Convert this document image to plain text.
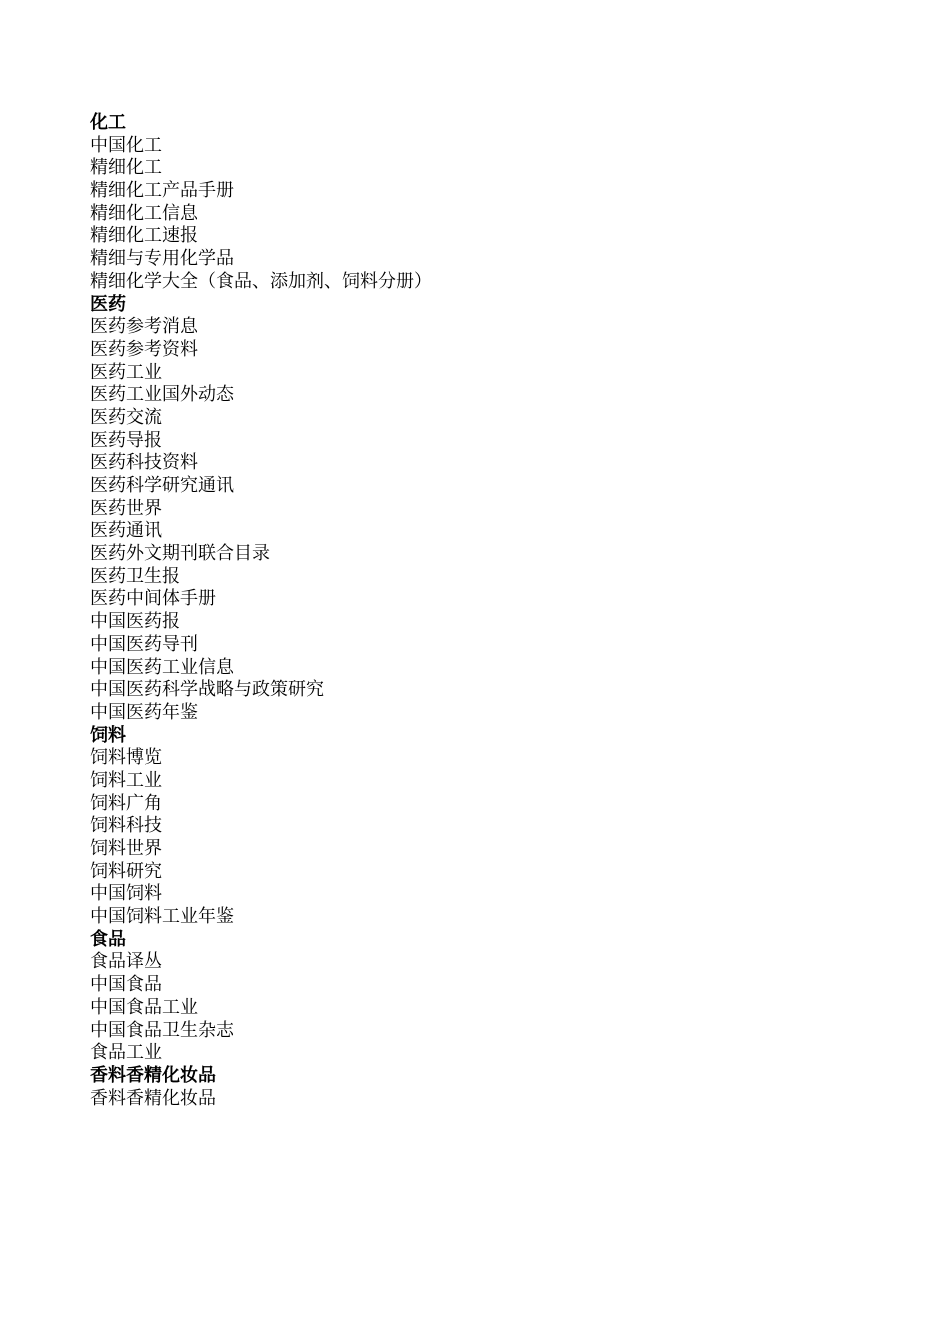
化工
中国化工
精细化工
精细化工产品手册
精细化工信息
精细化工速报
精细与专用化学品
精细化学大全（食品、添加剂、饲料分册）
医药
医药参考消息
医药参考资料
医药工业
医药工业国外动态
医药交流
医药导报
医药科技资料
医药科学研究通讯
医药世界
医药通讯
医药外文期刊联合目录
医药卫生报
医药中间体手册
中国医药报
中国医药导刊
中国医药工业信息
中国医药科学战略与政策研究
中国医药年鉴
饲料
饲料博览
饲料工业
饲料广角
饲料科技
饲料世界
饲料研究
中国饲料
中国饲料工业年鉴
食品
食品译丛
中国食品
中国食品工业
中国食品卫生杂志
食品工业
香料香精化妆品
香料香精化妆品
